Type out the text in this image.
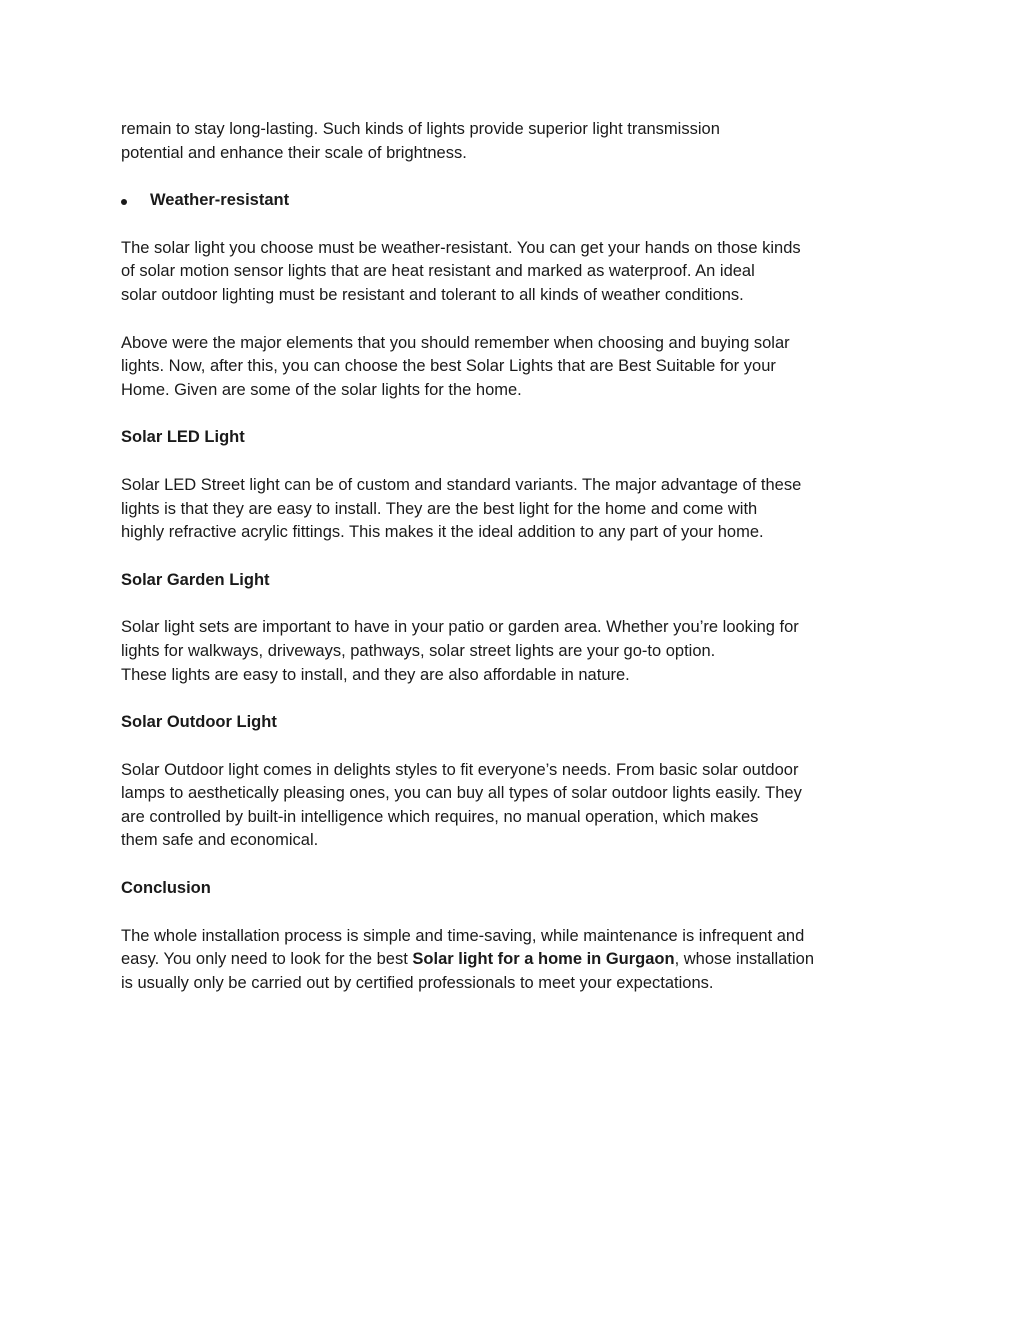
remain to stay long-lasting. Such kinds of lights provide superior light transmission

potential and enhance their scale of brightness.

Weather-resistant

The solar light you choose must be weather-resistant. You can get your hands on those kinds

of solar motion sensor lights that are heat resistant and marked as waterproof. An ideal

solar outdoor lighting must be resistant and tolerant to all kinds of weather conditions.

Above were the major elements that you should remember when choosing and buying solar

lights. Now, after this, you can choose the best Solar Lights that are Best Suitable for your

Home. Given are some of the solar lights for the home.

Solar LED Light

Solar LED Street light can be of custom and standard variants. The major advantage of these

lights is that they are easy to install. They are the best light for the home and come with

highly refractive acrylic fittings. This makes it the ideal addition to any part of your home.

Solar Garden Light

Solar light sets are important to have in your patio or garden area. Whether you’re looking for

lights for walkways, driveways, pathways, solar street lights are your go-to option.

These lights are easy to install, and they are also affordable in nature.

Solar Outdoor Light

Solar Outdoor light comes in delights styles to fit everyone’s needs. From basic solar outdoor

lamps to aesthetically pleasing ones, you can buy all types of solar outdoor lights easily. They

are controlled by built-in intelligence which requires, no manual operation, which makes

them safe and economical.

Conclusion

The whole installation process is simple and time-saving, while maintenance is infrequent and

easy. You only need to look for the best Solar light for a home in Gurgaon, whose installation

is usually only be carried out by certified professionals to meet your expectations.
